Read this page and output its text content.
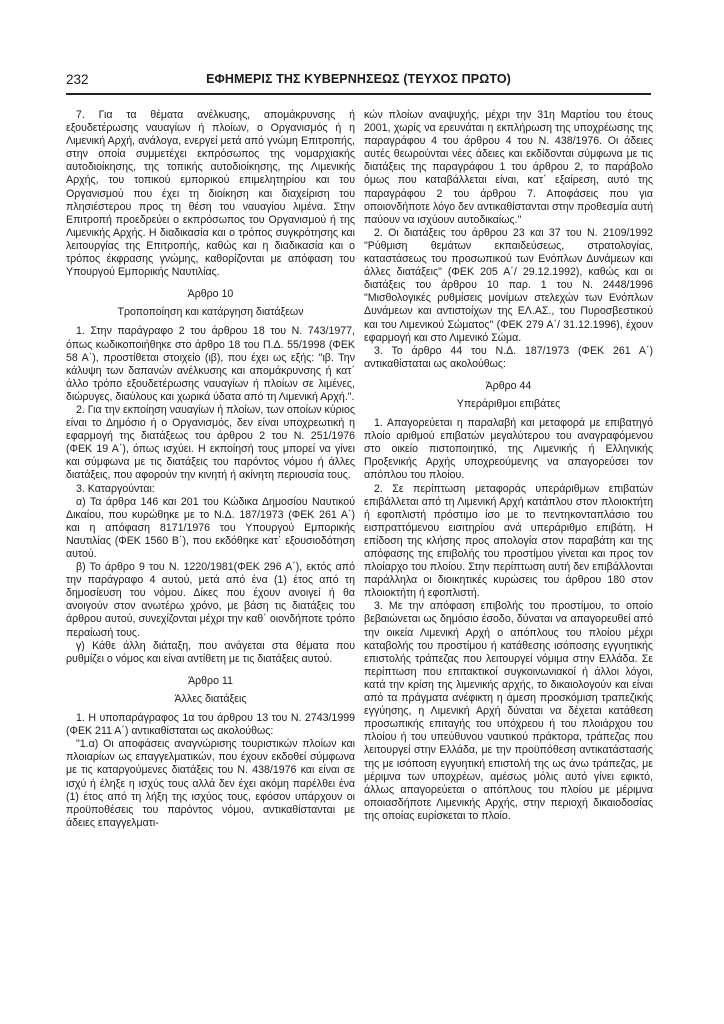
232	ΕΦΗΜΕΡΙΣ ΤΗΣ ΚΥΒΕΡΝΗΣΕΩΣ (ΤΕΥΧΟΣ ΠΡΩΤΟ)

7. Για τα θέματα ανέλκυσης, απομάκρυνσης ή εξουδετέρωσης ναυαγίων ή πλοίων, ο Οργανισμός ή η Λιμενική Αρχή, ανάλογα, ενεργεί μετά από γνώμη Επιτροπής, στην οποία συμμετέχει εκπρόσωπος της νομαρχιακής αυτοδιοίκησης, της τοπικής αυτοδιοίκησης, της Λιμενικής Αρχής, του τοπικού εμπορικού επιμελητηρίου και του Οργανισμού που έχει τη διοίκηση και διαχείριση του πλησιέστερου προς τη θέση του ναυαγίου λιμένα. Στην Επιτροπή προεδρεύει ο εκπρόσωπος του Οργανισμού ή της Λιμενικής Αρχής. Η διαδικασία και ο τρόπος συγκρότησης και λειτουργίας της Επιτροπής, καθώς και η διαδικασία και ο τρόπος έκφρασης γνώμης, καθορίζονται με απόφαση του Υπουργού Εμπορικής Ναυτιλίας.

Άρθρο 10

Τροποποίηση και κατάργηση διατάξεων

1. Στην παράγραφο 2 του άρθρου 18 του Ν. 743/1977, όπως κωδικοποιήθηκε στο άρθρο 18 του Π.Δ. 55/1998 (ΦΕΚ 58 Α΄), προστίθεται στοιχείο (ιβ), που έχει ως εξής: "ιβ. Την κάλυψη των δαπανών ανέλκυσης και απομάκρυνσης ή κατ΄ άλλο τρόπο εξουδετέρωσης ναυαγίων ή πλοίων σε λιμένες, διώρυγες, διαύλους και χωρικά ύδατα από τη Λιμενική Αρχή.".

2. Για την εκποίηση ναυαγίων ή πλοίων, των οποίων κύριος είναι το Δημόσιο ή ο Οργανισμός, δεν είναι υποχρεωτική η εφαρμογή της διατάξεως του άρθρου 2 του Ν. 251/1976 (ΦΕΚ 19 Α΄), όπως ισχύει. Η εκποίησή τους μπορεί να γίνει και σύμφωνα με τις διατάξεις του παρόντος νόμου ή άλλες διατάξεις, που αφορούν την κινητή ή ακίνητη περιουσία τους.

3. Καταργούνται:

α) Τα άρθρα 146 και 201 του Κώδικα Δημοσίου Ναυτικού Δικαίου, που κυρώθηκε με το Ν.Δ. 187/1973 (ΦΕΚ 261 Α΄) και η απόφαση 8171/1976 του Υπουργού Εμπορικής Ναυτιλίας (ΦΕΚ 1560 Β΄), που εκδόθηκε κατ΄ εξουσιοδότηση αυτού.

β) Το άρθρο 9 του Ν. 1220/1981(ΦΕΚ 296 Α΄), εκτός από την παράγραφο 4 αυτού, μετά από ένα (1) έτος από τη δημοσίευση του νόμου. Δίκες που έχουν ανοιγεί ή θα ανοιγούν στον ανωτέρω χρόνο, με βάση τις διατάξεις του άρθρου αυτού, συνεχίζονται μέχρι την καθ΄ οιονδήποτε τρόπο περαίωσή τους.

γ) Κάθε άλλη διάταξη, που ανάγεται στα θέματα που ρυθμίζει ο νόμος και είναι αντίθετη με τις διατάξεις αυτού.

Άρθρο 11

Άλλες διατάξεις

1. Η υποπαράγραφος 1α του άρθρου 13 του Ν. 2743/1999 (ΦΕΚ 211 Α΄) αντικαθίσταται ως ακολούθως:

"1.α) Οι αποφάσεις αναγνώρισης τουριστικών πλοίων και πλοιαρίων ως επαγγελματικών, που έχουν εκδοθεί σύμφωνα με τις καταργούμενες διατάξεις του Ν. 438/1976 και είναι σε ισχύ ή έληξε η ισχύς τους αλλά δεν έχει ακόμη παρέλθει ένα (1) έτος από τη λήξη της ισχύος τους, εφόσον υπάρχουν οι προϋποθέσεις του παρόντος νόμου, αντικαθίστανται με άδειες επαγγελματι-

κών πλοίων αναψυχής, μέχρι την 31η Μαρτίου του έτους 2001, χωρίς να ερευνάται η εκπλήρωση της υποχρέωσης της παραγράφου 4 του άρθρου 4 του Ν. 438/1976. Οι άδειες αυτές θεωρούνται νέες άδειες και εκδίδονται σύμφωνα με τις διατάξεις της παραγράφου 1 του άρθρου 2, το παράβολο όμως που καταβάλλεται είναι, κατ΄ εξαίρεση, αυτό της παραγράφου 2 του άρθρου 7. Αποφάσεις που για οποιονδήποτε λόγο δεν αντικαθίστανται στην προθεσμία αυτή παύουν να ισχύουν αυτοδικαίως."

2. Οι διατάξεις του άρθρου 23 και 37 του Ν. 2109/1992 "Ρύθμιση θεμάτων εκπαιδεύσεως, στρατολογίας, καταστάσεως του προσωπικού των Ενόπλων Δυνάμεων και άλλες διατάξεις" (ΦΕΚ 205 Α΄/ 29.12.1992), καθώς και οι διατάξεις του άρθρου 10 παρ. 1 του Ν. 2448/1996 "Μισθολογικές ρυθμίσεις μονίμων στελεχών των Ενόπλων Δυνάμεων και αντιστοίχων της ΕΛ.ΑΣ., του Πυροσβεστικού και του Λιμενικού Σώματος" (ΦΕΚ 279 Α΄/ 31.12.1996), έχουν εφαρμογή και στο Λιμενικό Σώμα.

3. Το άρθρο 44 του Ν.Δ. 187/1973 (ΦΕΚ 261 Α΄) αντικαθίσταται ως ακολούθως:

Άρθρο 44

Υπεράριθμοι επιβάτες

1. Απαγορεύεται η παραλαβή και μεταφορά με επιβατηγό πλοίο αριθμού επιβατών μεγαλύτερου του αναγραφόμενου στο οικείο πιστοποιητικό, της Λιμενικής ή Ελληνικής Προξενικής Αρχής υποχρεούμενης να απαγορεύσει τον απόπλου του πλοίου.

2. Σε περίπτωση μεταφοράς υπεράριθμων επιβατών επιβάλλεται από τη Λιμενική Αρχή κατάπλου στον πλοιοκτήτη ή εφοπλιστή πρόστιμο ίσο με το πεντηκονταπλάσιο του εισπραττόμενου εισιτηρίου ανά υπεράριθμο επιβάτη. Η επίδοση της κλήσης προς απολογία στον παραβάτη και της απόφασης της επιβολής του προστίμου γίνεται και προς τον πλοίαρχο του πλοίου. Στην περίπτωση αυτή δεν επιβάλλονται παράλληλα οι διοικητικές κυρώσεις του άρθρου 180 στον πλοιοκτήτη ή εφοπλιστή.

3. Με την απόφαση επιβολής του προστίμου, το οποίο βεβαιώνεται ως δημόσιο έσοδο, δύναται να απαγορευθεί από την οικεία Λιμενική Αρχή ο απόπλους του πλοίου μέχρι καταβολής του προστίμου ή κατάθεσης ισόποσης εγγυητικής επιστολής τράπεζας που λειτουργεί νόμιμα στην Ελλάδα. Σε περίπτωση που επιτακτικοί συγκοινωνιακοί ή άλλοι λόγοι, κατά την κρίση της λιμενικής αρχής, το δικαιολογούν και είναι από τα πράγματα ανέφικτη η άμεση προσκόμιση τραπεζικής εγγύησης, η Λιμενική Αρχή δύναται να δέχεται κατάθεση προσωπικής επιταγής του υπόχρεου ή του πλοιάρχου του πλοίου ή του υπεύθυνου ναυτικού πράκτορα, τράπεζας που λειτουργεί στην Ελλάδα, με την προϋπόθεση αντικατάστασής της με ισόποση εγγυητική επιστολή της ως άνω τράπεζας, με μέριμνα των υποχρέων, αμέσως μόλις αυτό γίνει εφικτό, άλλως απαγορεύεται ο απόπλους του πλοίου με μέριμνα οποιασδήποτε Λιμενικής Αρχής, στην περιοχή δικαιοδοσίας της οποίας ευρίσκεται το πλοίο.
